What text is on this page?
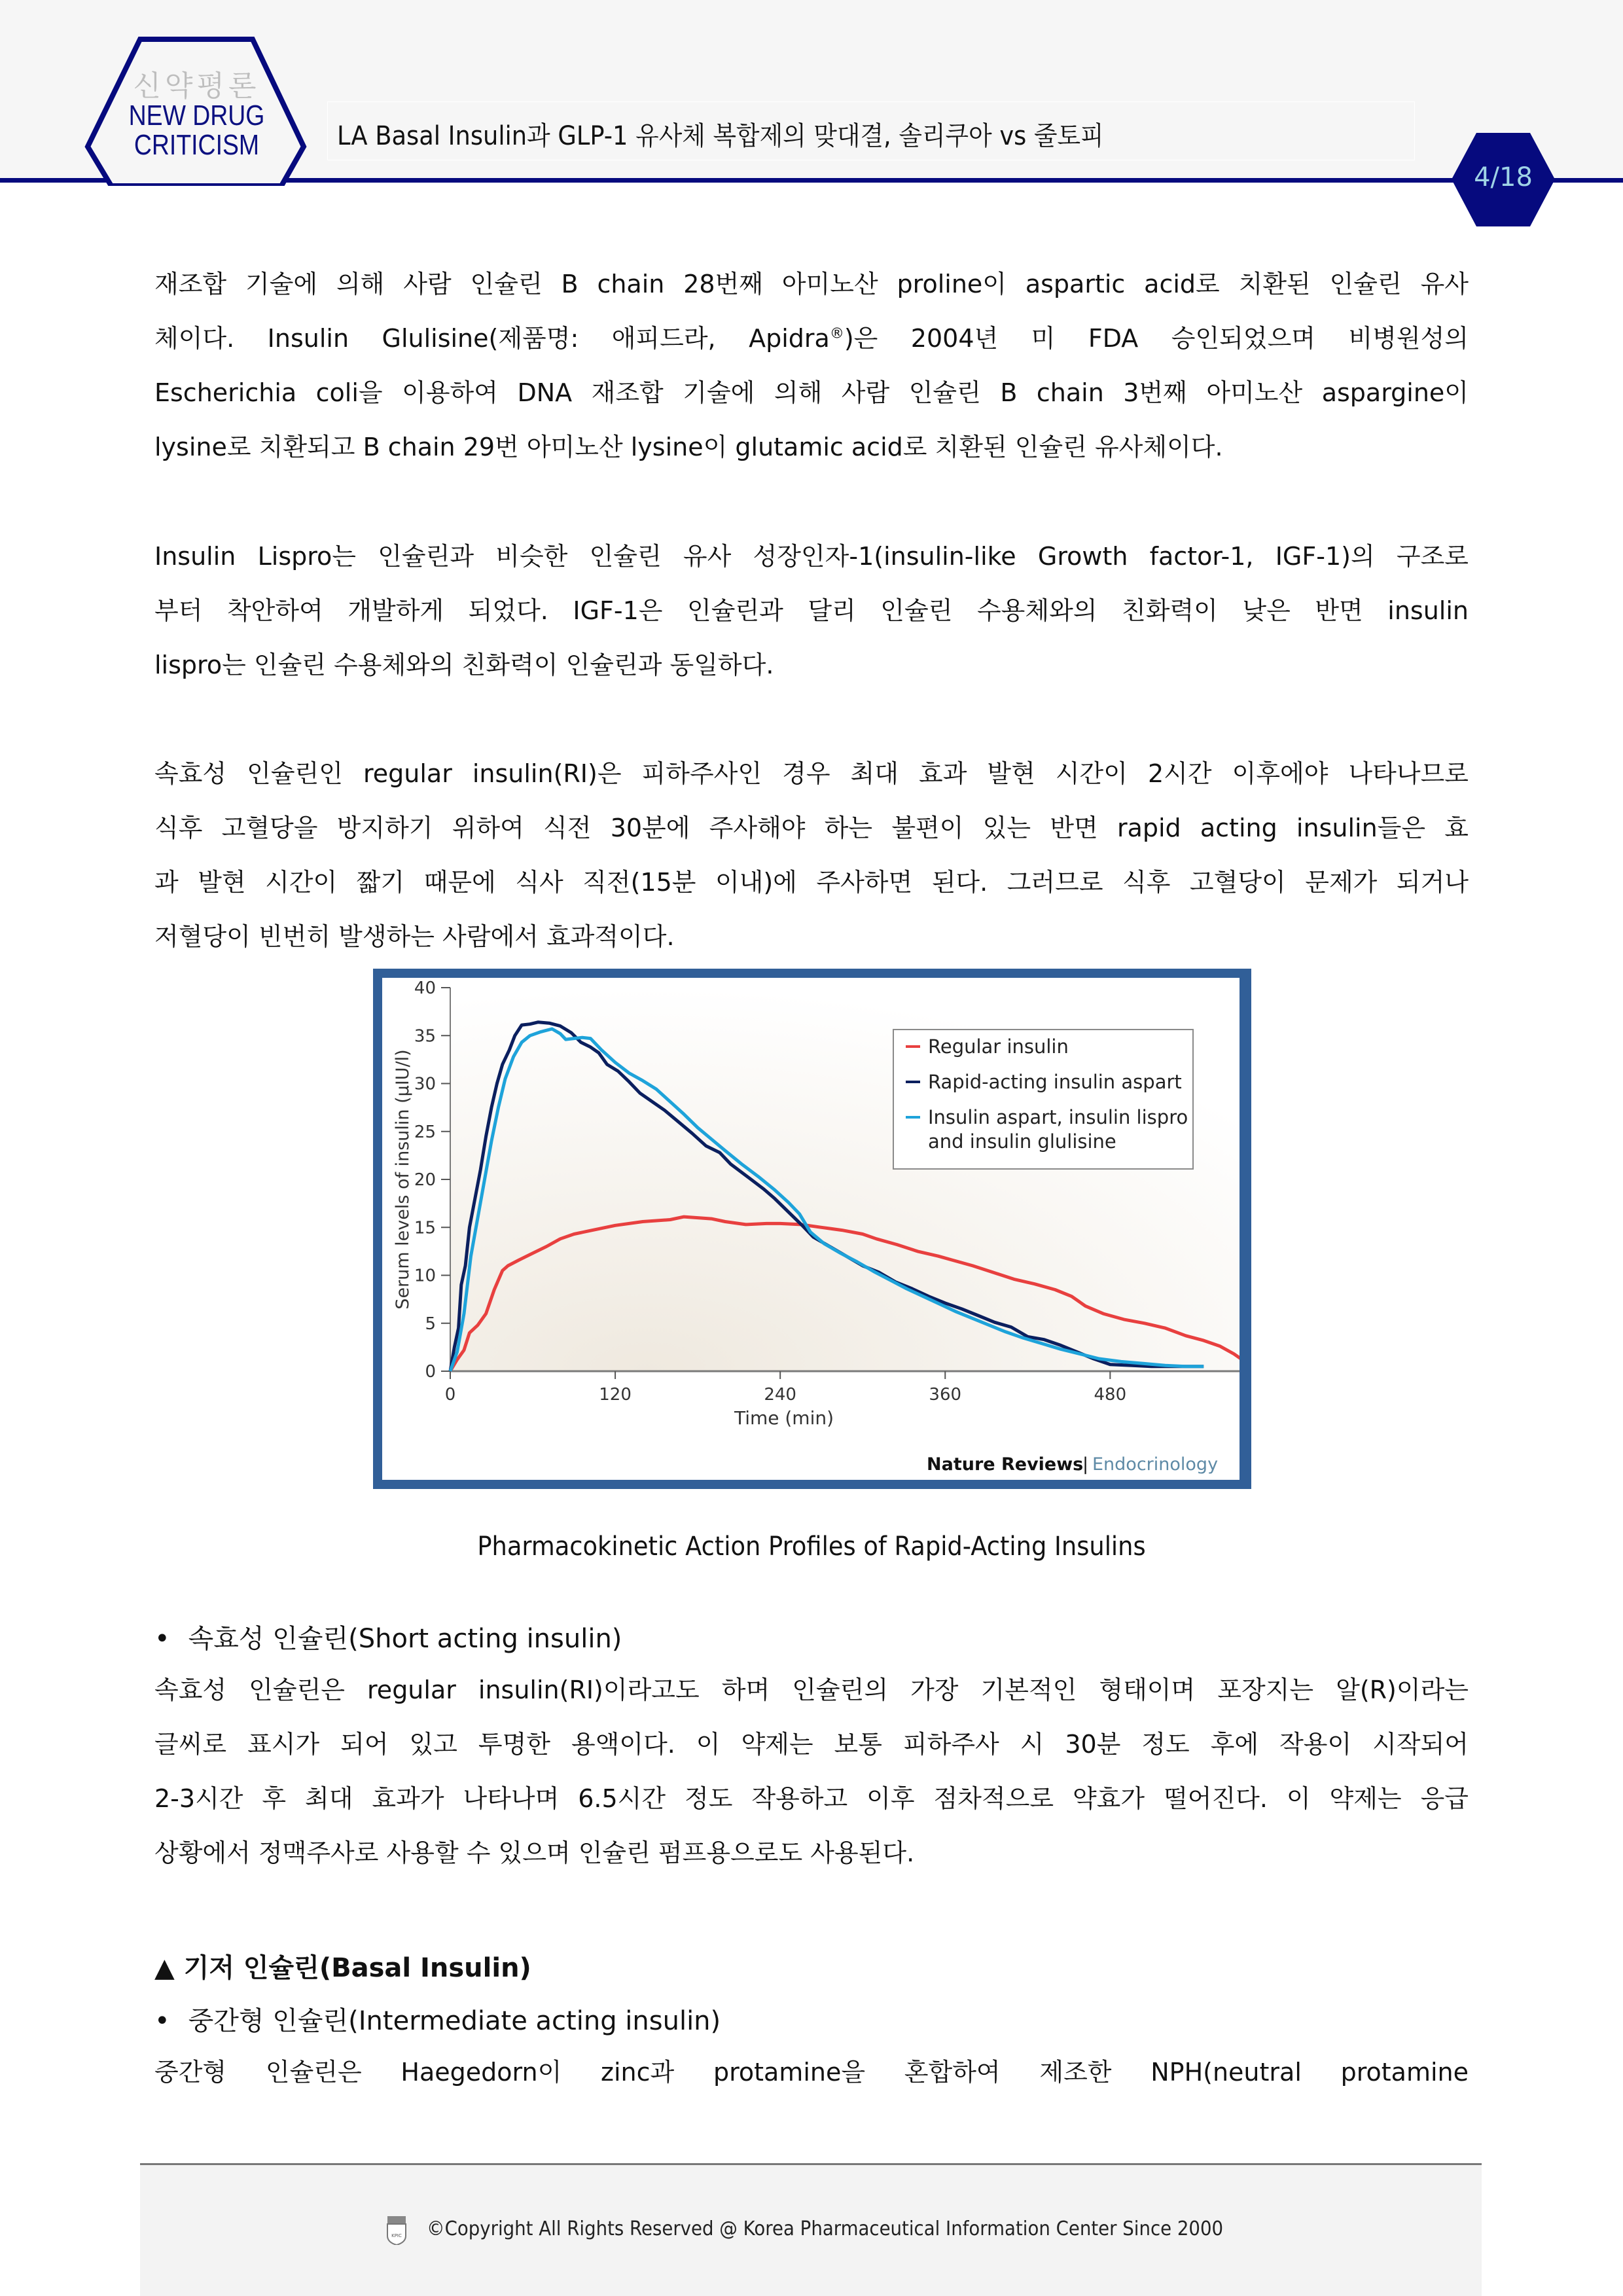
신약평론
NEW DRUG
CRITICISM	LA Basal Insulin과 GLP-1 유사체 복합제의 맞대결, 솔리쿠아 vs 줄토피
4/18
재조합 기술에 의해 사람 인슐린 B chain 28번째 아미노산 proline이 aspartic acid로 치환된 인슐린 유사
체이다. Insulin Glulisine(제품명: 애피드라, Apidra®)은 2004년 미 FDA 승인되었으며 비병원성의
Escherichia coli을 이용하여 DNA 재조합 기술에 의해 사람 인슐린 B chain 3번째 아미노산 aspargine이
lysine로 치환되고 B chain 29번 아미노산 lysine이 glutamic acid로 치환된 인슐린 유사체이다.
Insulin Lispro는 인슐린과 비슷한 인슐린 유사 성장인자-1(insulin-like Growth factor-1, IGF-1)의 구조로
부터 착안하여 개발하게 되었다. IGF-1은 인슐린과 달리 인슐린 수용체와의 친화력이 낮은 반면 insulin
lispro는 인슐린 수용체와의 친화력이 인슐린과 동일하다.
속효성 인슐린인 regular insulin(RI)은 피하주사인 경우 최대 효과 발현 시간이 2시간 이후에야 나타나므로
식후 고혈당을 방지하기 위하여 식전 30분에 주사해야 하는 불편이 있는 반면 rapid acting insulin들은 효
과 발현 시간이 짧기 때문에 식사 직전(15분 이내)에 주사하면 된다. 그러므로 식후 고혈당이 문제가 되거나
저혈당이 빈번히 발생하는 사람에서 효과적이다.
0	120	240	360	480
0
5
10
15
20
25
30
35
40
Regular insulin
Rapid-acting insulin aspart
Insulin aspart, insulin lispro
and insulin glulisine
Time (min)
Serum levels of insulin (μIU/l)
Nature Reviews
| Endocrinology
Pharmacokinetic Action Profiles of Rapid-Acting Insulins
• 속효성 인슐린(Short acting insulin)
속효성 인슐린은 regular insulin(RI)이라고도 하며 인슐린의 가장 기본적인 형태이며 포장지는 알(R)이라는
글씨로 표시가 되어 있고 투명한 용액이다. 이 약제는 보통 피하주사 시 30분 정도 후에 작용이 시작되어
2-3시간 후 최대 효과가 나타나며 6.5시간 정도 작용하고 이후 점차적으로 약효가 떨어진다. 이 약제는 응급
상황에서 정맥주사로 사용할 수 있으며 인슐린 펌프용으로도 사용된다.
▲ 기저 인슐린(Basal Insulin)
• 중간형 인슐린(Intermediate acting insulin)
중간형 인슐린은 Haegedorn이 zinc과 protamine을 혼합하여 제조한 NPH(neutral protamine
KPIC ©Copyright All Rights Reserved @ Korea Pharmaceutical Information Center Since 2000
